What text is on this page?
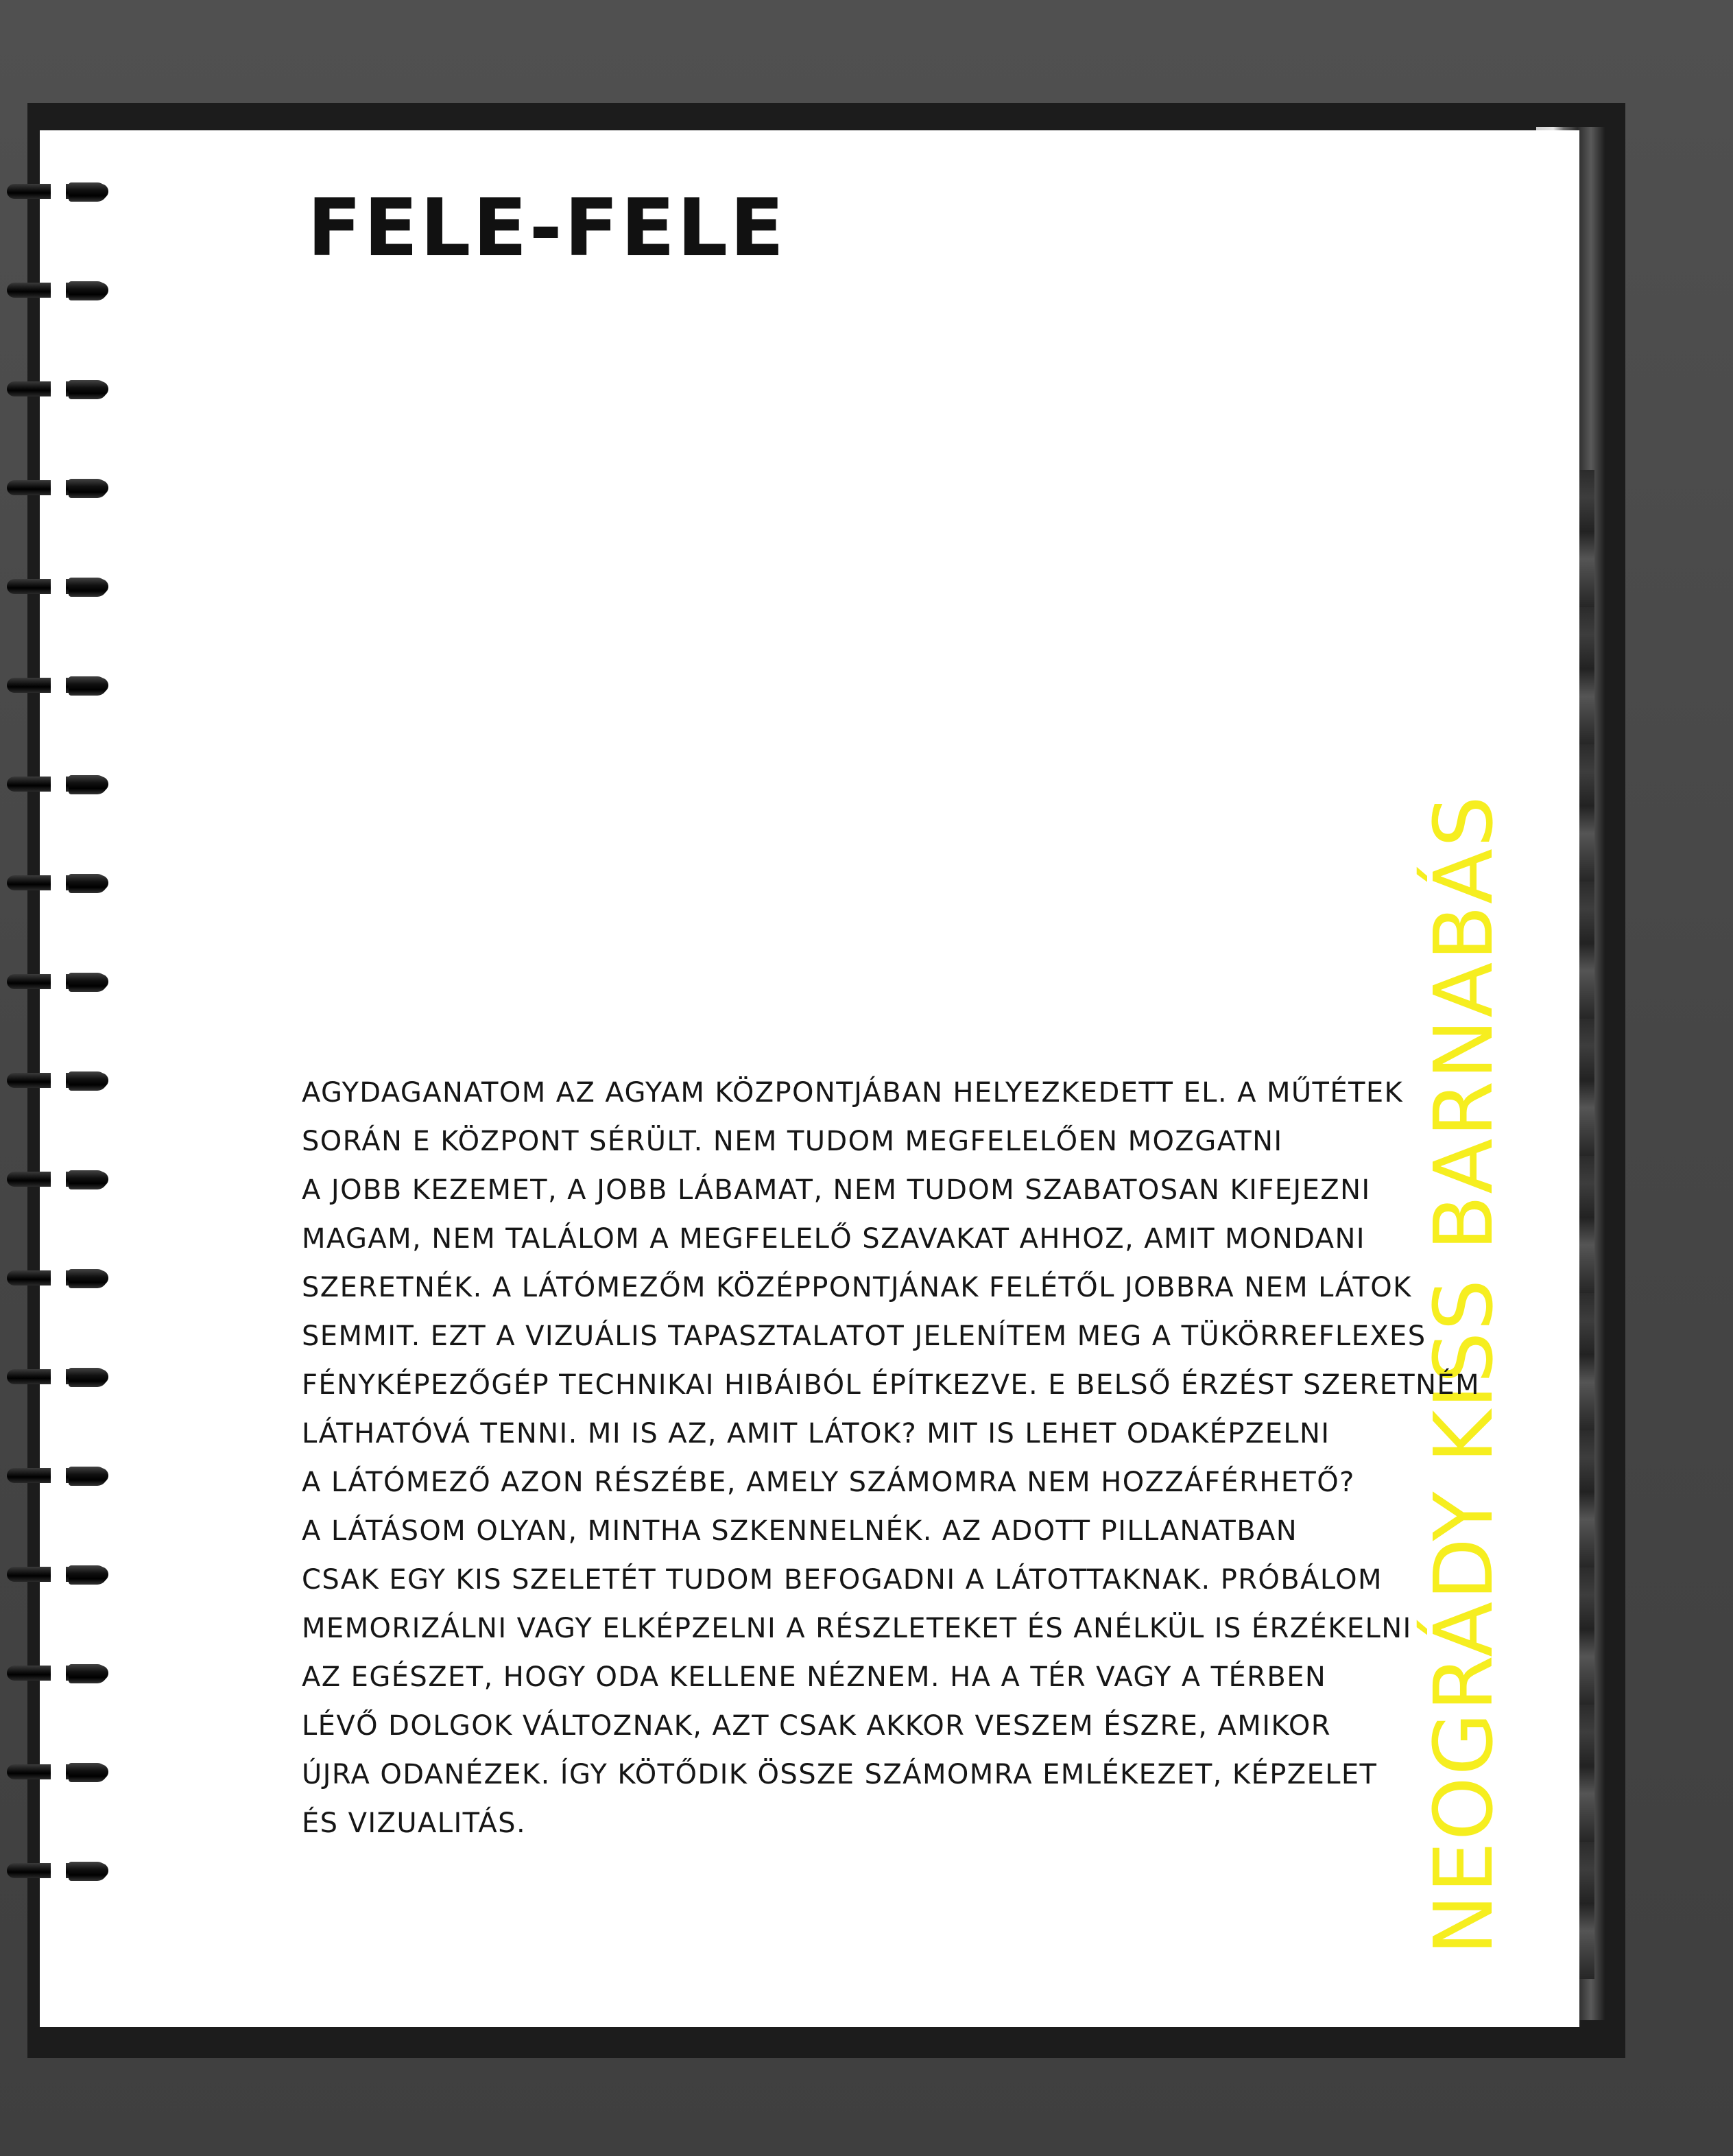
FELE-FELE
NEOGRÁDY KISS BARNABÁS
AGYDAGANATOM AZ AGYAM KÖZPONTJÁBAN HELYEZKEDETT EL. A MŰTÉTEK
SORÁN E KÖZPONT SÉRÜLT. NEM TUDOM MEGFELELŐEN MOZGATNI
A JOBB KEZEMET, A JOBB LÁBAMAT, NEM TUDOM SZABATOSAN KIFEJEZNI
MAGAM, NEM TALÁLOM A MEGFELELŐ SZAVAKAT AHHOZ, AMIT MONDANI
SZERETNÉK. A LÁTÓMEZŐM KÖZÉPPONTJÁNAK FELÉTŐL JOBBRA NEM LÁTOK
SEMMIT. EZT A VIZUÁLIS TAPASZTALATOT JELENÍTEM MEG A TÜKÖRREFLEXES
FÉNYKÉPEZŐGÉP TECHNIKAI HIBÁIBÓL ÉPÍTKEZVE. E BELSŐ ÉRZÉST SZERETNÉM
LÁTHATÓVÁ TENNI. MI IS AZ, AMIT LÁTOK? MIT IS LEHET ODAKÉPZELNI
A LÁTÓMEZŐ AZON RÉSZÉBE, AMELY SZÁMOMRA NEM HOZZÁFÉRHETŐ?
A LÁTÁSOM OLYAN, MINTHA SZKENNELNÉK. AZ ADOTT PILLANATBAN
CSAK EGY KIS SZELETÉT TUDOM BEFOGADNI A LÁTOTTAKNAK. PRÓBÁLOM
MEMORIZÁLNI VAGY ELKÉPZELNI A RÉSZLETEKET ÉS ANÉLKÜL IS ÉRZÉKELNI
AZ EGÉSZET, HOGY ODA KELLENE NÉZNEM. HA A TÉR VAGY A TÉRBEN
LÉVŐ DOLGOK VÁLTOZNAK, AZT CSAK AKKOR VESZEM ÉSZRE, AMIKOR
ÚJRA ODANÉZEK. ÍGY KÖTŐDIK ÖSSZE SZÁMOMRA EMLÉKEZET, KÉPZELET
ÉS VIZUALITÁS.
